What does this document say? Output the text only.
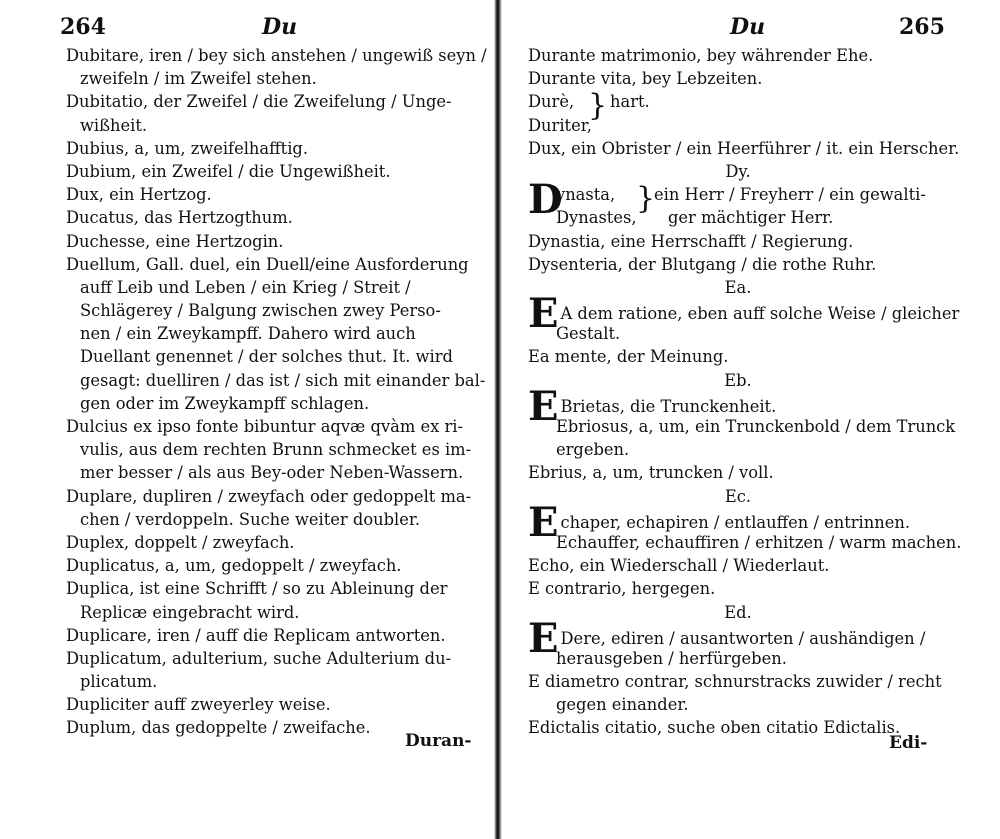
264	Du
Dubitare, iren / bey sich anstehen / ungewiß seyn /
zweifeln / im Zweifel stehen.
Dubitatio, der Zweifel / die Zweifelung / Unge-
wißheit.
Dubius, a, um, zweifelhafftig.
Dubium, ein Zweifel / die Ungewißheit.
Dux, ein Hertzog.
Ducatus, das Hertzogthum.
Duchesse, eine Hertzogin.
Duellum, Gall. duel, ein Duell/eine Ausforderung
auff Leib und Leben / ein Krieg / Streit /
Schlägerey / Balgung zwischen zwey Perso-
nen / ein Zweykampff. Dahero wird auch
Duellant genennet / der solches thut. It. wird
gesagt: duelliren / das ist / sich mit einander bal-
gen oder im Zweykampff schlagen.
Dulcius ex ipso fonte bibuntur aqvæ qvàm ex ri-
vulis, aus dem rechten Brunn schmecket es im-
mer besser / als aus Bey-oder Neben-Wassern.
Duplare, dupliren / zweyfach oder gedoppelt ma-
chen / verdoppeln. Suche weiter doubler.
Duplex, doppelt / zweyfach.
Duplicatus, a, um, gedoppelt / zweyfach.
Duplica, ist eine Schrifft / so zu Ableinung der
Replicæ eingebracht wird.
Duplicare, iren / auff die Replicam antworten.
Duplicatum, adulterium, suche Adulterium du-
plicatum.
Dupliciter auff zweyerley weise.
Duplum, das gedoppelte / zweifache.
Duran-
Du	265
Durante matrimonio, bey währender Ehe.
Durante vita, bey Lebzeiten.
Durè,
Duriter,
} hart.
Dux, ein Obrister / ein Heerführer / it. ein Herscher.
Dy.
D
ynasta,
Dynastes,
}
ein Herr / Freyherr / ein gewalti-
ger mächtiger Herr.
Dynastia, eine Herrschafft / Regierung.
Dysenteria, der Blutgang / die rothe Ruhr.
Ea.
E A dem ratione, eben auff solche Weise / gleicher
Gestalt.
Ea mente, der Meinung.
Eb.
E Brietas, die Trunckenheit.
Ebriosus, a, um, ein Trunckenbold / dem Trunck
ergeben.
Ebrius, a, um, truncken / voll.
Ec.
Echaper, echapiren / entlauffen / entrinnen.
Echauffer, echauffiren / erhitzen / warm machen.
Echo, ein Wiederschall / Wiederlaut.
E contrario, hergegen.
Ed.
E Dere, ediren / ausantworten / aushändigen /
herausgeben / herfürgeben.
E diametro contrar, schnurstracks zuwider / recht
gegen einander.
Edictalis citatio, suche oben citatio Edictalis.
Edi-
